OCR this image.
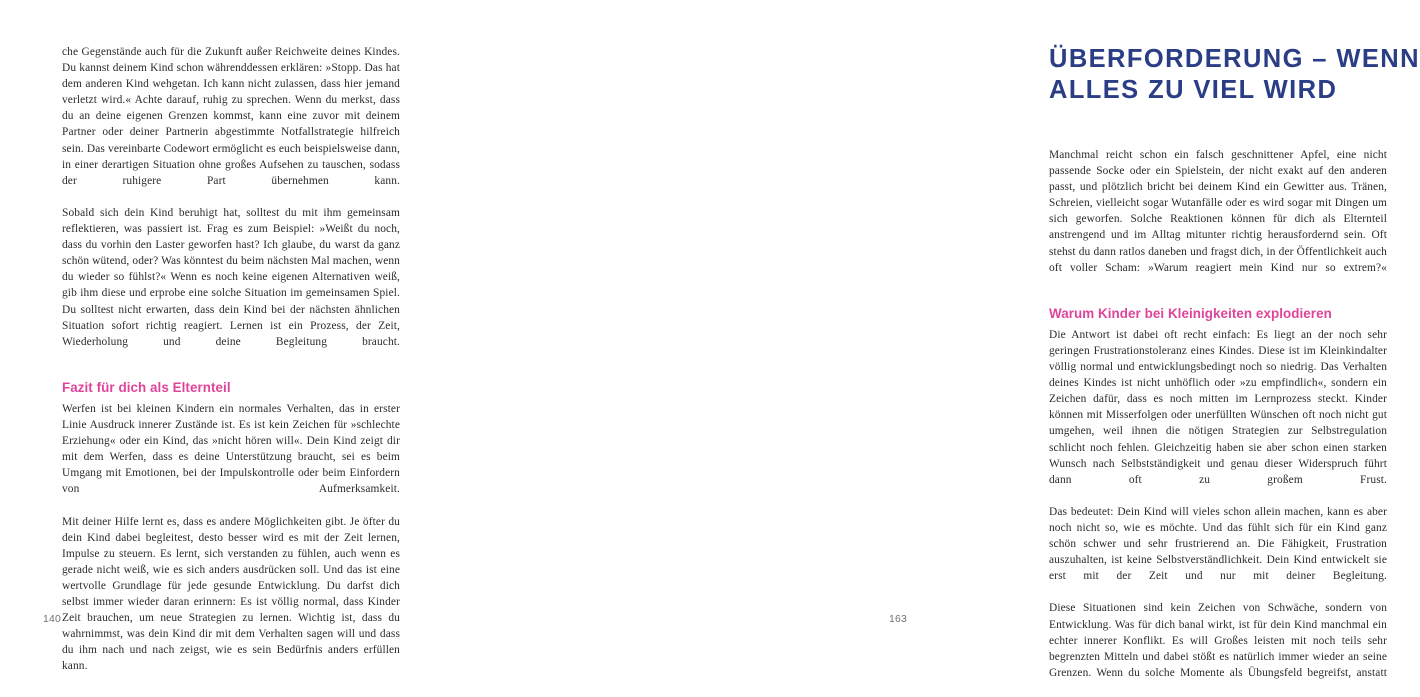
che Gegenstände auch für die Zukunft außer Reichweite deines Kindes. Du kannst deinem Kind schon währenddessen erklären: »Stopp. Das hat dem anderen Kind wehgetan. Ich kann nicht zulassen, dass hier jemand verletzt wird.« Achte darauf, ruhig zu sprechen. Wenn du merkst, dass du an deine eigenen Grenzen kommst, kann eine zuvor mit deinem Partner oder deiner Partnerin abgestimmte Notfallstrategie hilfreich sein. Das vereinbarte Codewort ermöglicht es euch beispielsweise dann, in einer derartigen Situation ohne großes Aufsehen zu tauschen, sodass der ruhigere Part übernehmen kann.

Sobald sich dein Kind beruhigt hat, solltest du mit ihm gemeinsam reflektieren, was passiert ist. Frag es zum Beispiel: »Weißt du noch, dass du vorhin den Laster geworfen hast? Ich glaube, du warst da ganz schön wütend, oder? Was könntest du beim nächsten Mal machen, wenn du wieder so fühlst?« Wenn es noch keine eigenen Alternativen weiß, gib ihm diese und erprobe eine solche Situation im gemeinsamen Spiel. Du solltest nicht erwarten, dass dein Kind bei der nächsten ähnlichen Situation sofort richtig reagiert. Lernen ist ein Prozess, der Zeit, Wiederholung und deine Begleitung braucht.

Fazit für dich als Elternteil

Werfen ist bei kleinen Kindern ein normales Verhalten, das in erster Linie Ausdruck innerer Zustände ist. Es ist kein Zeichen für »schlechte Erziehung« oder ein Kind, das »nicht hören will«. Dein Kind zeigt dir mit dem Werfen, dass es deine Unterstützung braucht, sei es beim Umgang mit Emotionen, bei der Impulskontrolle oder beim Einfordern von Aufmerksamkeit.

Mit deiner Hilfe lernt es, dass es andere Möglichkeiten gibt. Je öfter du dein Kind dabei begleitest, desto besser wird es mit der Zeit lernen, Impulse zu steuern. Es lernt, sich verstanden zu fühlen, auch wenn es gerade nicht weiß, wie es sich anders ausdrücken soll. Und das ist eine wertvolle Grundlage für jede gesunde Entwicklung. Du darfst dich selbst immer wieder daran erinnern: Es ist völlig normal, dass Kinder Zeit brauchen, um neue Strategien zu lernen. Wichtig ist, dass du wahrnimmst, was dein Kind dir mit dem Verhalten sagen will und dass du ihm nach und nach zeigst, wie es sein Bedürfnis anders erfüllen kann.

140
ÜBERFORDERUNG – WENN
ALLES ZU VIEL WIRD

Manchmal reicht schon ein falsch geschnittener Apfel, eine nicht passende Socke oder ein Spielstein, der nicht exakt auf den anderen passt, und plötzlich bricht bei deinem Kind ein Gewitter aus. Tränen, Schreien, vielleicht sogar Wutanfälle oder es wird sogar mit Dingen um sich geworfen. Solche Reaktionen können für dich als Elternteil anstrengend und im Alltag mitunter richtig herausfordernd sein. Oft stehst du dann ratlos daneben und fragst dich, in der Öffentlichkeit auch oft voller Scham: »Warum reagiert mein Kind nur so extrem?«

Warum Kinder bei Kleinigkeiten explodieren

Die Antwort ist dabei oft recht einfach: Es liegt an der noch sehr geringen Frustrationstoleranz eines Kindes. Diese ist im Kleinkindalter völlig normal und entwicklungsbedingt noch so niedrig. Das Verhalten deines Kindes ist nicht unhöflich oder »zu empfindlich«, sondern ein Zeichen dafür, dass es noch mitten im Lernprozess steckt. Kinder können mit Misserfolgen oder unerfüllten Wünschen oft noch nicht gut umgehen, weil ihnen die nötigen Strategien zur Selbstregulation schlicht noch fehlen. Gleichzeitig haben sie aber schon einen starken Wunsch nach Selbstständigkeit und genau dieser Widerspruch führt dann oft zu großem Frust.

Das bedeutet: Dein Kind will vieles schon allein machen, kann es aber noch nicht so, wie es möchte. Und das fühlt sich für ein Kind ganz schön schwer und sehr frustrierend an. Die Fähigkeit, Frustration auszuhalten, ist keine Selbstverständlichkeit. Dein Kind entwickelt sie erst mit der Zeit und nur mit deiner Begleitung.

Diese Situationen sind kein Zeichen von Schwäche, sondern von Entwicklung. Was für dich banal wirkt, ist für dein Kind manchmal ein echter innerer Konflikt. Es will Großes leisten mit noch teils sehr begrenzten Mitteln und dabei stößt es natürlich immer wieder an seine Grenzen. Wenn du solche Momente als Übungsfeld begreifst, anstatt

163
